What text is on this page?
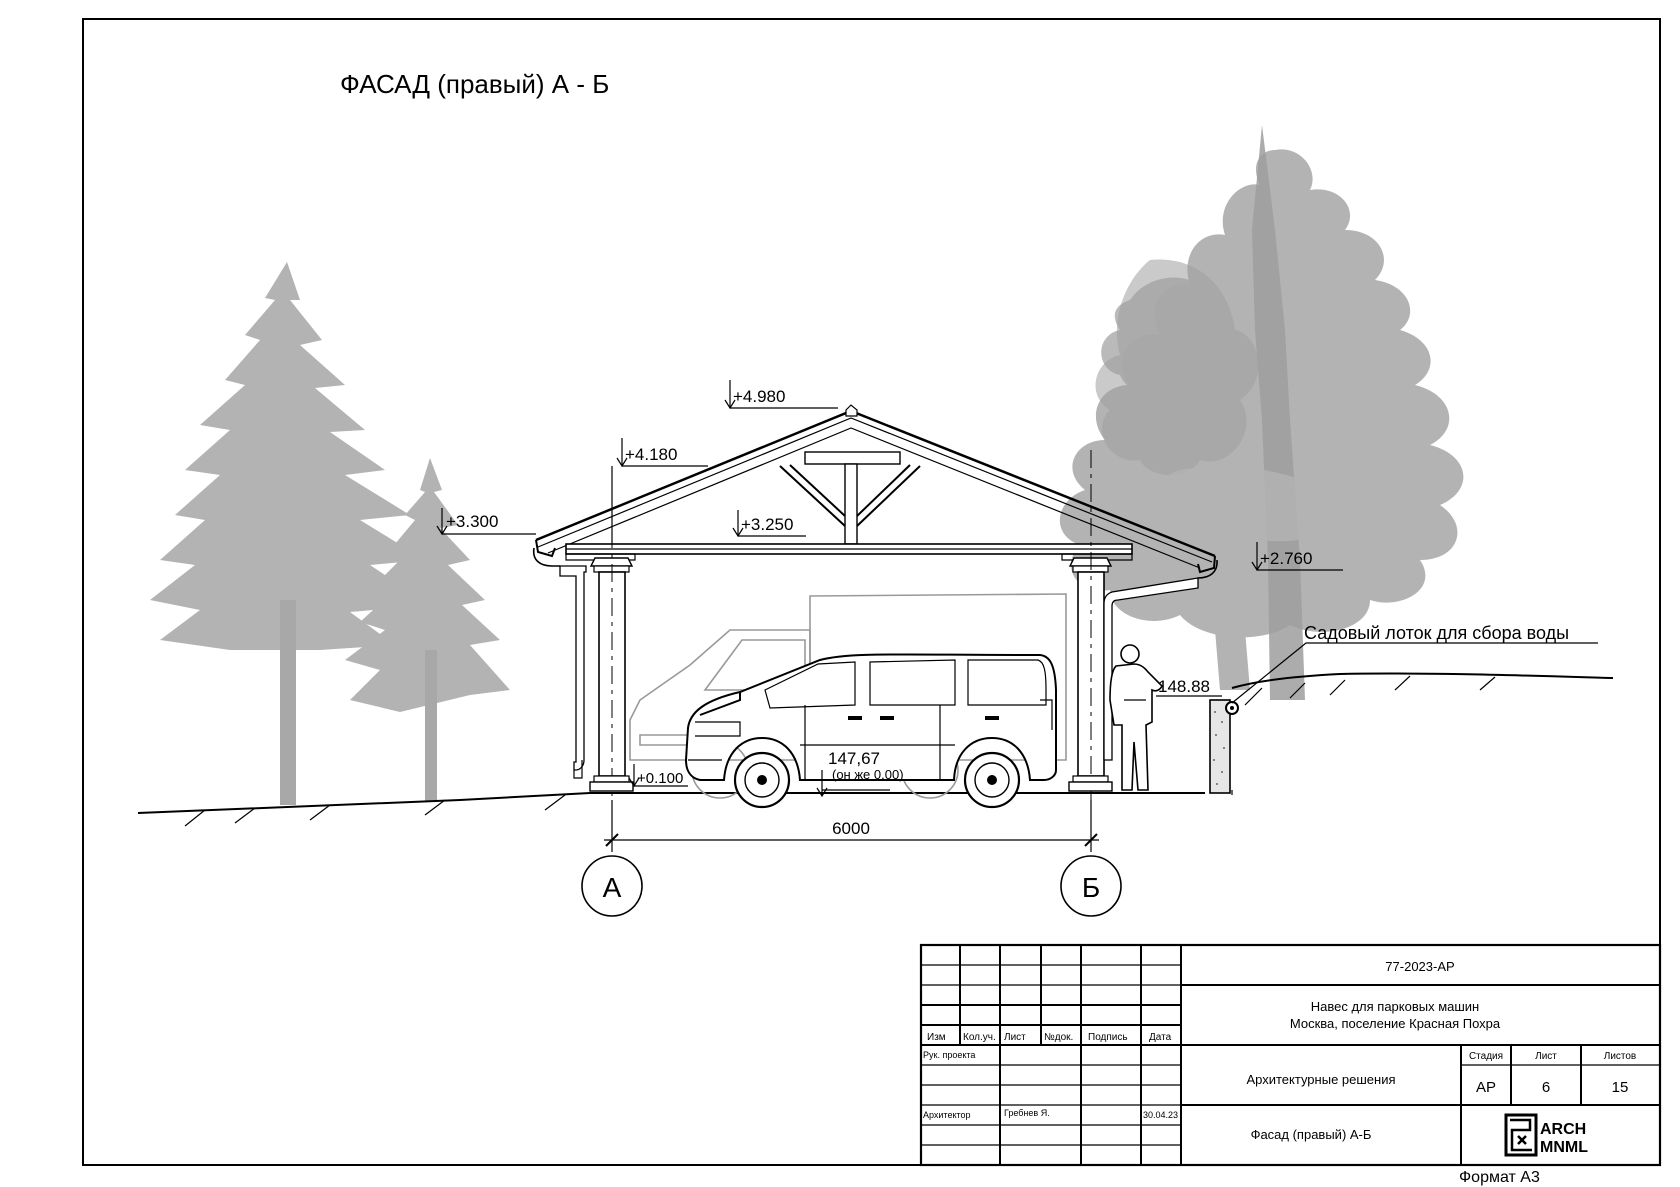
ФАСАД (правый) А - Б
+4.980
+4.180
+3.300	+3.250
+2.760
+0.100
147,67
(он же 0.00)
148.88
Садовый лоток для сбора воды
6000
А	Б
Изм Кол.уч. Лист №док. Подпись Дата
Рук. проекта
Архитектор	Гребнев Я.	30.04.23
77-2023-АР
Навес для парковых машин
Москва, поселение Красная Похра
Архитектурные решения
Фасад (правый) А-Б
Стадия	Лист	Листов
АР	6	15
ARCH
MNML
Формат А3
